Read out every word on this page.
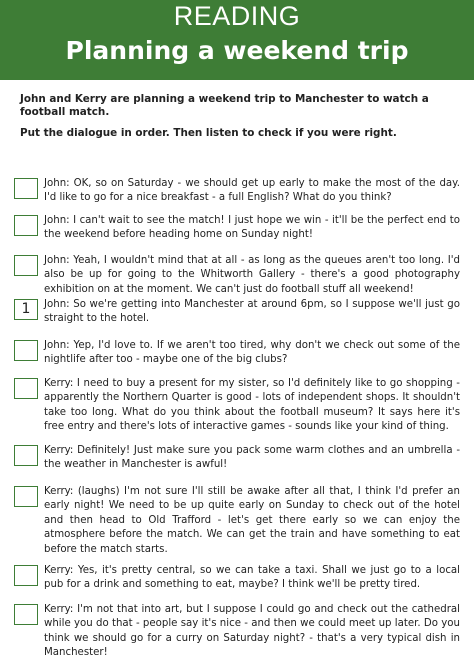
READING
Planning a weekend trip

John and Kerry are planning a weekend trip to Manchester to watch a football match.

Put the dialogue in order. Then listen to check if you were right.

John: OK, so on Saturday - we should get up early to make the most of the day. I'd like to go for a nice breakfast - a full English? What do you think?
John: I can't wait to see the match! I just hope we win - it'll be the perfect end to the weekend before heading home on Sunday night!
John: Yeah, I wouldn't mind that at all - as long as the queues aren't too long. I'd also be up for going to the Whitworth Gallery - there's a good photography exhibition on at the moment. We can't just do football stuff all weekend!
1	John: So we're getting into Manchester at around 6pm, so I suppose we'll just go straight to the hotel.
John: Yep, I'd love to. If we aren't too tired, why don't we check out some of the nightlife after too - maybe one of the big clubs?
Kerry: I need to buy a present for my sister, so I'd definitely like to go shopping - apparently the Northern Quarter is good - lots of independent shops. It shouldn't take too long. What do you think about the football museum? It says here it's free entry and there's lots of interactive games - sounds like your kind of thing.
Kerry: Definitely! Just make sure you pack some warm clothes and an umbrella - the weather in Manchester is awful!
Kerry: (laughs) I'm not sure I'll still be awake after all that, I think I'd prefer an early night! We need to be up quite early on Sunday to check out of the hotel and then head to Old Trafford - let's get there early so we can enjoy the atmosphere before the match. We can get the train and have something to eat before the match starts.
Kerry: Yes, it's pretty central, so we can take a taxi. Shall we just go to a local pub for a drink and something to eat, maybe? I think we'll be pretty tired.
Kerry: I'm not that into art, but I suppose I could go and check out the cathedral while you do that - people say it's nice - and then we could meet up later. Do you think we should go for a curry on Saturday night? - that's a very typical dish in Manchester!
